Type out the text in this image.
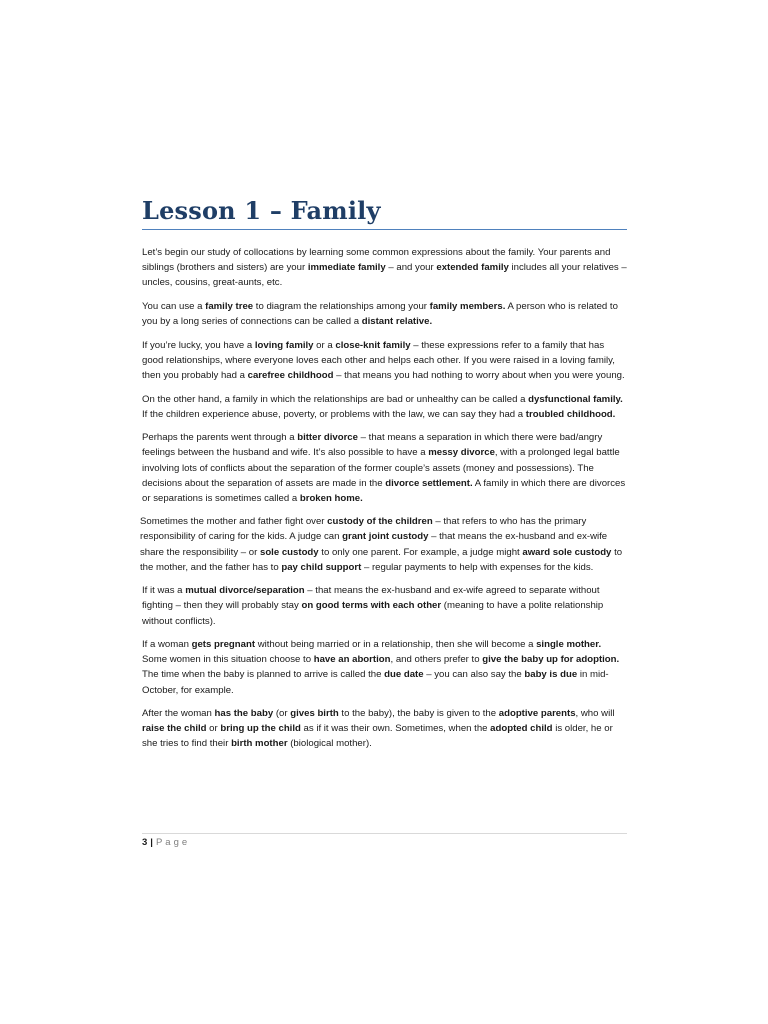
Lesson 1 – Family

Let’s begin our study of collocations by learning some common expressions about the family. Your parents and siblings (brothers and sisters) are your immediate family – and your extended family includes all your relatives – uncles, cousins, great-aunts, etc.

You can use a family tree to diagram the relationships among your family members. A person who is related to you by a long series of connections can be called a distant relative.

If you’re lucky, you have a loving family or a close-knit family – these expressions refer to a family that has good relationships, where everyone loves each other and helps each other. If you were raised in a loving family, then you probably had a carefree childhood – that means you had nothing to worry about when you were young.

On the other hand, a family in which the relationships are bad or unhealthy can be called a dysfunctional family. If the children experience abuse, poverty, or problems with the law, we can say they had a troubled childhood.

Perhaps the parents went through a bitter divorce – that means a separation in which there were bad/angry feelings between the husband and wife. It’s also possible to have a messy divorce, with a prolonged legal battle involving lots of conflicts about the separation of the former couple’s assets (money and possessions). The decisions about the separation of assets are made in the divorce settlement. A family in which there are divorces or separations is sometimes called a broken home.

Sometimes the mother and father fight over custody of the children – that refers to who has the primary responsibility of caring for the kids. A judge can grant joint custody – that means the ex-husband and ex-wife share the responsibility – or sole custody to only one parent. For example, a judge might award sole custody to the mother, and the father has to pay child support – regular payments to help with expenses for the kids.

If it was a mutual divorce/separation – that means the ex-husband and ex-wife agreed to separate without fighting – then they will probably stay on good terms with each other (meaning to have a polite relationship without conflicts).

If a woman gets pregnant without being married or in a relationship, then she will become a single mother. Some women in this situation choose to have an abortion, and others prefer to give the baby up for adoption. The time when the baby is planned to arrive is called the due date – you can also say the baby is due in mid-October, for example.

After the woman has the baby (or gives birth to the baby), the baby is given to the adoptive parents, who will raise the child or bring up the child as if it was their own. Sometimes, when the adopted child is older, he or she tries to find their birth mother (biological mother).

3 | Page
